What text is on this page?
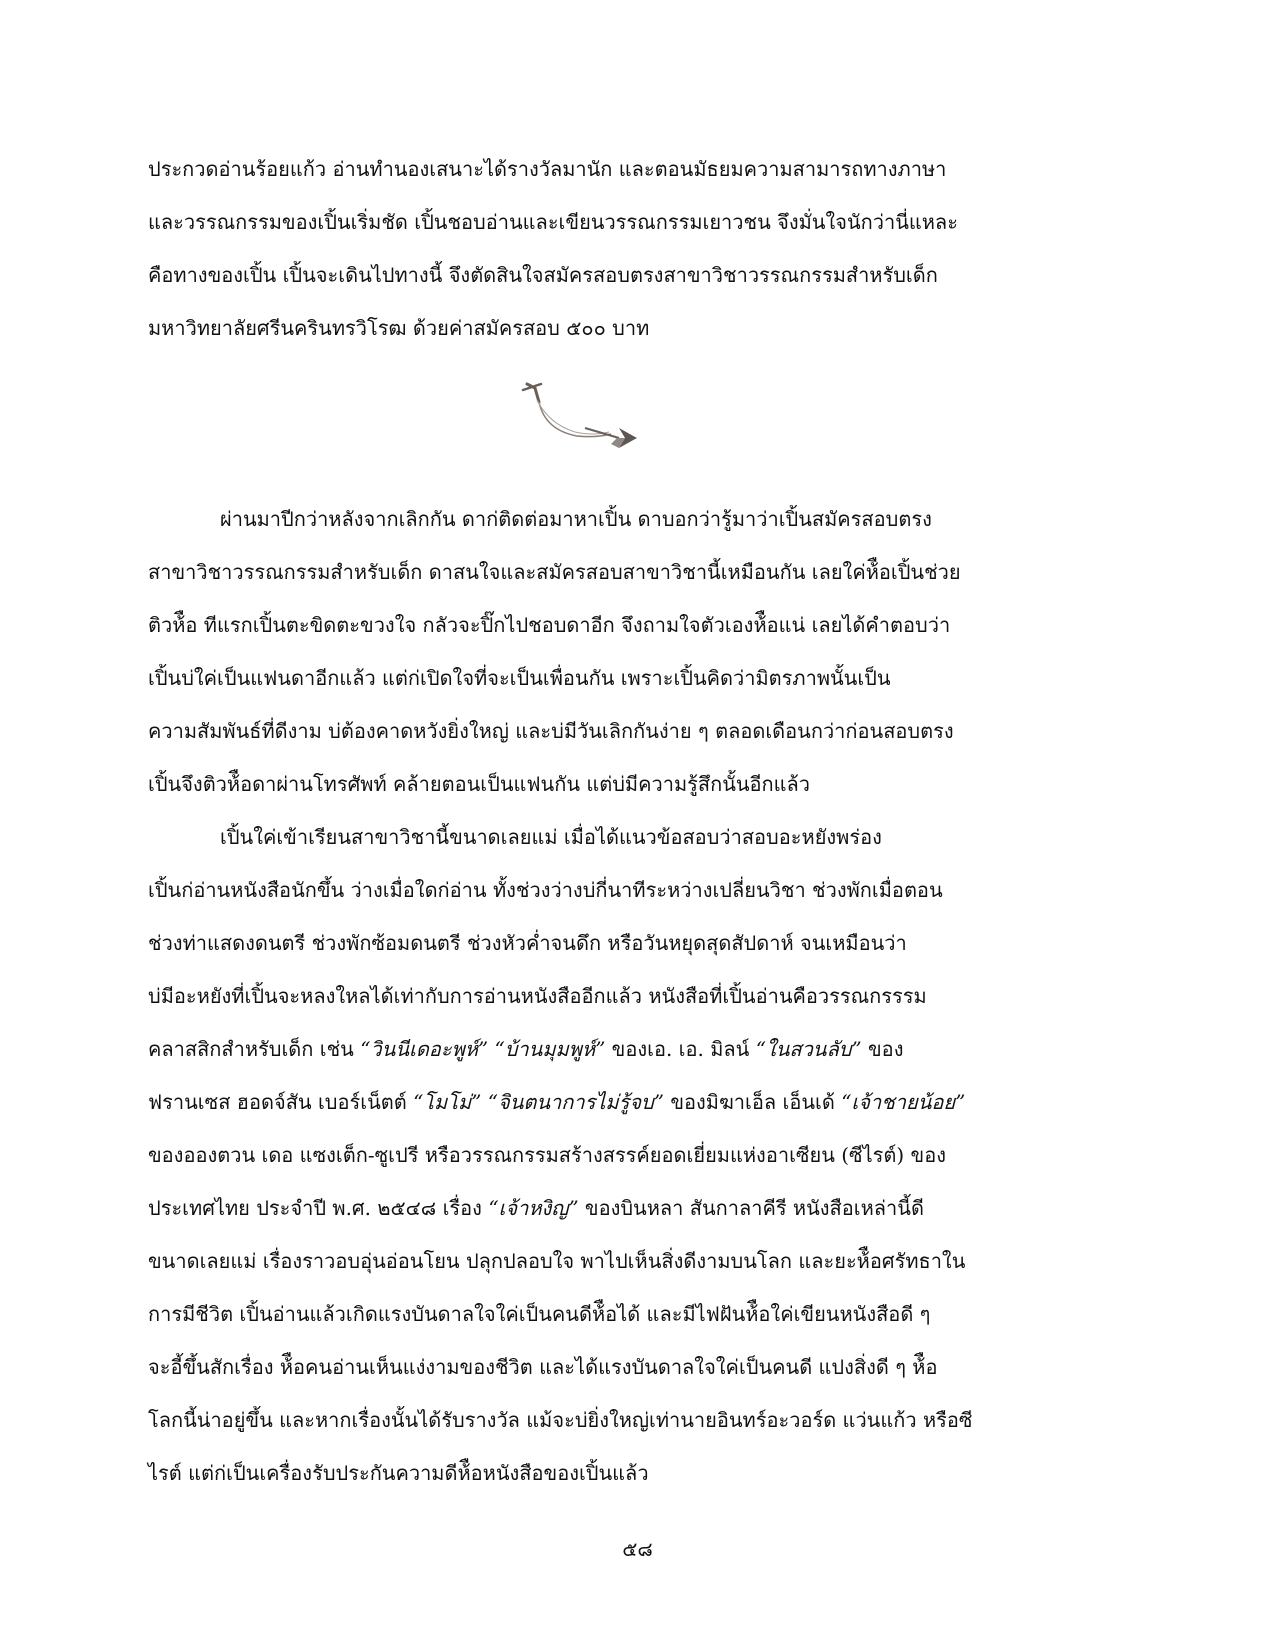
ประกวดอ่านร้อยแก้ว อ่านทำนองเสนาะได้รางวัลมานัก และตอนมัธยมความสามารถทางภาษา
และวรรณกรรมของเปิ้นเริ่มชัด เปิ้นชอบอ่านและเขียนวรรณกรรมเยาวชน จึงมั่นใจนักว่านี่แหละ
คือทางของเปิ้น เปิ้นจะเดินไปทางนี้ จึงตัดสินใจสมัครสอบตรงสาขาวิชาวรรณกรรมสำหรับเด็ก
มหาวิทยาลัยศรีนครินทรวิโรฒ ด้วยค่าสมัครสอบ ๕๐๐ บาท
ผ่านมาปีกว่าหลังจากเลิกกัน ดาก่ติดต่อมาหาเปิ้น ดาบอกว่ารู้มาว่าเปิ้นสมัครสอบตรง
สาขาวิชาวรรณกรรมสำหรับเด็ก ดาสนใจและสมัครสอบสาขาวิชานี้เหมือนกัน เลยใค่ห้ือเปิ้นช่วย
ติวห้ือ ทีแรกเปิ้นตะขิดตะขวงใจ กลัวจะปิ๊กไปชอบดาอีก จึงถามใจตัวเองห้ือแน่ เลยได้คำตอบว่า
เปิ้นบ่ใค่เป็นแฟนดาอีกแล้ว แต่ก่เปิดใจที่จะเป็นเพื่อนกัน เพราะเปิ้นคิดว่ามิตรภาพนั้นเป็น
ความสัมพันธ์ที่ดีงาม บ่ต้องคาดหวังยิ่งใหญ่ และบ่มีวันเลิกกันง่าย ๆ ตลอดเดือนกว่าก่อนสอบตรง
เปิ้นจึงติวห้ือดาผ่านโทรศัพท์ คล้ายตอนเป็นแฟนกัน แต่บ่มีความรู้สึกนั้นอีกแล้ว
เปิ้นใค่เข้าเรียนสาขาวิชานี้ขนาดเลยแม่ เมื่อได้แนวข้อสอบว่าสอบอะหยังพร่อง
เปิ้นก่อ่านหนังสือนักขึ้น ว่างเมื่อใดก่อ่าน ทั้งช่วงว่างบ่กี่นาทีระหว่างเปลี่ยนวิชา ช่วงพักเมื่อตอน
ช่วงท่าแสดงดนตรี ช่วงพักซ้อมดนตรี ช่วงหัวค่ำจนดึก หรือวันหยุดสุดสัปดาห์ จนเหมือนว่า
บ่มีอะหยังที่เปิ้นจะหลงใหลได้เท่ากับการอ่านหนังสืออีกแล้ว หนังสือที่เปิ้นอ่านคือวรรณกรรรม
คลาสสิกสำหรับเด็ก เช่น “วินนีเดอะพูห์” “บ้านมุมพูห์” ของเอ. เอ. มิลน์ “ในสวนลับ” ของ
ฟรานเซส ฮอดจ์สัน เบอร์เน็ตต์ “โมโม่” “จินตนาการไม่รู้จบ” ของมิฆาเอ็ล เอ็นเด้ “เจ้าชายน้อย”
ของอองตวน เดอ แซงเต็ก-ซูเปรี หรือวรรณกรรมสร้างสรรค์ยอดเยี่ยมแห่งอาเซียน (ซีไรต์) ของ
ประเทศไทย ประจำปี พ.ศ. ๒๕๔๘ เรื่อง “เจ้าหงิญ” ของบินหลา สันกาลาคีรี หนังสือเหล่านี้ดี
ขนาดเลยแม่ เรื่องราวอบอุ่นอ่อนโยน ปลุกปลอบใจ พาไปเห็นสิ่งดีงามบนโลก และยะห้ือศรัทธาใน
การมีชีวิต เปิ้นอ่านแล้วเกิดแรงบันดาลใจใค่เป็นคนดีห้ือได้ และมีไฟฝันห้ือใค่เขียนหนังสือดี ๆ
จะอี้ขึ้นสักเรื่อง ห้ือคนอ่านเห็นแง่งามของชีวิต และได้แรงบันดาลใจใค่เป็นคนดี แปงสิ่งดี ๆ ห้ือ
โลกนี้น่าอยู่ขึ้น และหากเรื่องนั้นได้รับรางวัล แม้จะบ่ยิ่งใหญ่เท่านายอินทร์อะวอร์ด แว่นแก้ว หรือซี
ไรต์ แต่ก่เป็นเครื่องรับประกันความดีห้ือหนังสือของเปิ้นแล้ว
๕๘
